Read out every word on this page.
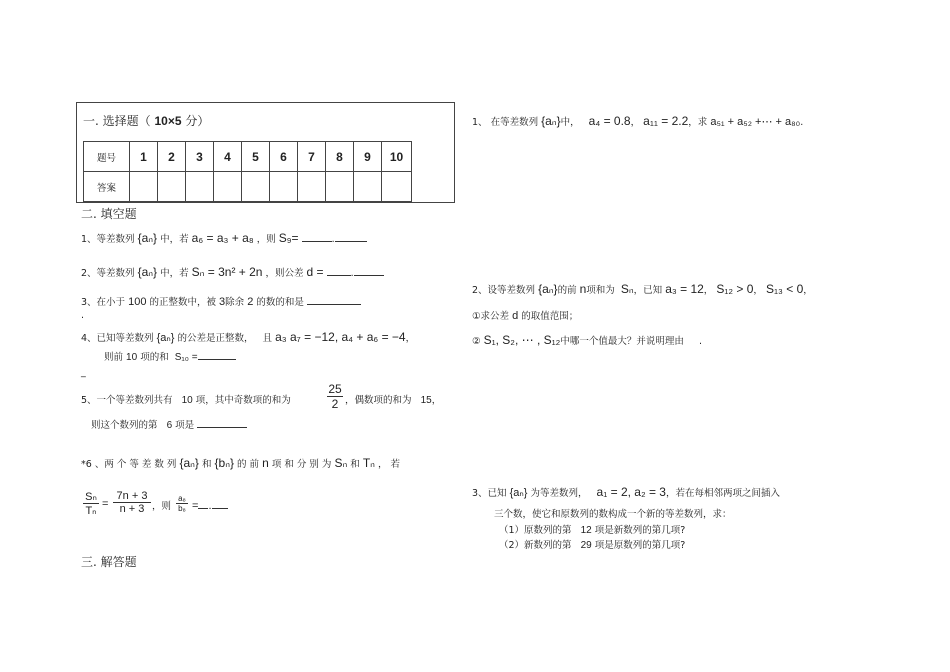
一. 选择题（ 10×5 分）
题号	1	2	3	4	5	6	7	8	9	10
答案										
二. 填空题
1、等差数列 {aₙ} 中，若 a₆ = a₃ + a₈ ，则 S₉=	.
2、等差数列 {aₙ} 中，若 Sₙ = 3n² + 2n ，则公差 d =	.
3、在小于 100 的正整数中，被 3除余 2 的数的和是
.
4、已知等差数列 {aₙ} 的公差是正整数， 且 a₃ a₇ = −12, a₄ + a₆ = −4，
则前 10 项的和 S₁₀ =
_
5、一个等差数列共有 10 项，其中奇数项的和为	$\frac{25}{2}$ ，偶数项的和为 15，
则这个数列的第 6 项是
*6 、两 个 等 差 数 列 {aₙ} 和 {bₙ} 的 前 n 项 和 分 别 为 Sₙ 和 Tₙ ， 若
$\frac{\text{Sₙ}}{\text{Tₙ}} = \frac{7n + 3}{n + 3}$ ，则 $\frac{\text{a₈}}{\text{b₈}}$ = .
三. 解答题
1、 在等差数列 {aₙ}中， a₄ = 0.8， a₁₁ = 2.2，求 a₅₁ + a₅₂ +⋯ + a₈₀.
2、设等差数列 {aₙ}的前 n项和为 Sₙ，已知 a₃ = 12， S₁₂ > 0， S₁₃ < 0，
①求公差 d 的取值范围；
② S₁, S₂, ⋯ , S₁₂中哪一个值最大？并说明理由 .
3、已知 {aₙ} 为等差数列， a₁ = 2, a₂ = 3，若在每相邻两项之间插入
三个数，使它和原数列的数构成一个新的等差数列，求：
（1）原数列的第 12 项是新数列的第几项?
（2）新数列的第 29 项是原数列的第几项?
